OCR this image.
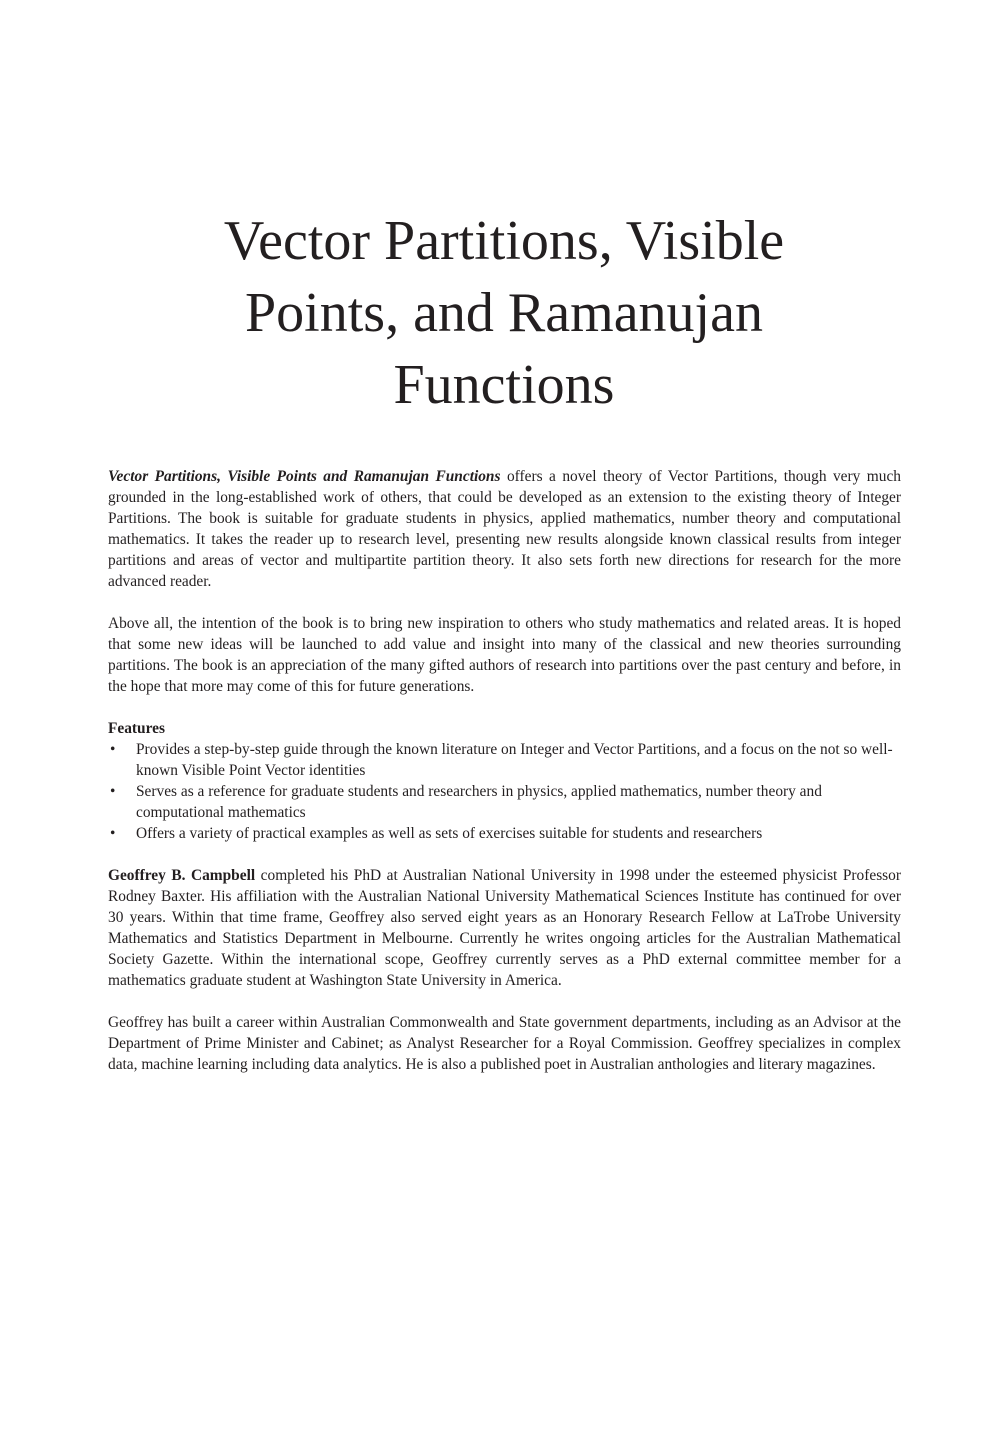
Vector Partitions, Visible
Points, and Ramanujan
Functions

Vector Partitions, Visible Points and Ramanujan Functions offers a novel theory of Vector Partitions, though very much grounded in the long-established work of others, that could be developed as an extension to the existing theory of Integer Partitions. The book is suitable for graduate students in physics, applied mathematics, number theory and computational mathematics. It takes the reader up to research level, presenting new results alongside known classical results from integer partitions and areas of vector and multipartite partition theory. It also sets forth new directions for research for the more advanced reader.

Above all, the intention of the book is to bring new inspiration to others who study mathematics and related areas. It is hoped that some new ideas will be launched to add value and insight into many of the classical and new theories surrounding partitions. The book is an appreciation of the many gifted authors of research into partitions over the past century and before, in the hope that more may come of this for future generations.

Features
• Provides a step-by-step guide through the known literature on Integer and Vector Partitions, and a focus on the not so well-known Visible Point Vector identities
• Serves as a reference for graduate students and researchers in physics, applied mathematics, number theory and computational mathematics
• Offers a variety of practical examples as well as sets of exercises suitable for students and researchers

Geoffrey B. Campbell completed his PhD at Australian National University in 1998 under the esteemed physicist Professor Rodney Baxter. His affiliation with the Australian National University Mathematical Sciences Institute has continued for over 30 years. Within that time frame, Geoffrey also served eight years as an Honorary Research Fellow at LaTrobe University Mathematics and Statistics Department in Melbourne. Currently he writes ongoing articles for the Australian Mathematical Society Gazette. Within the international scope, Geoffrey currently serves as a PhD external committee member for a mathematics graduate student at Washington State University in America.

Geoffrey has built a career within Australian Commonwealth and State government departments, including as an Advisor at the Department of Prime Minister and Cabinet; as Analyst Researcher for a Royal Commission. Geoffrey specializes in complex data, machine learning including data analytics. He is also a published poet in Australian anthologies and literary magazines.
